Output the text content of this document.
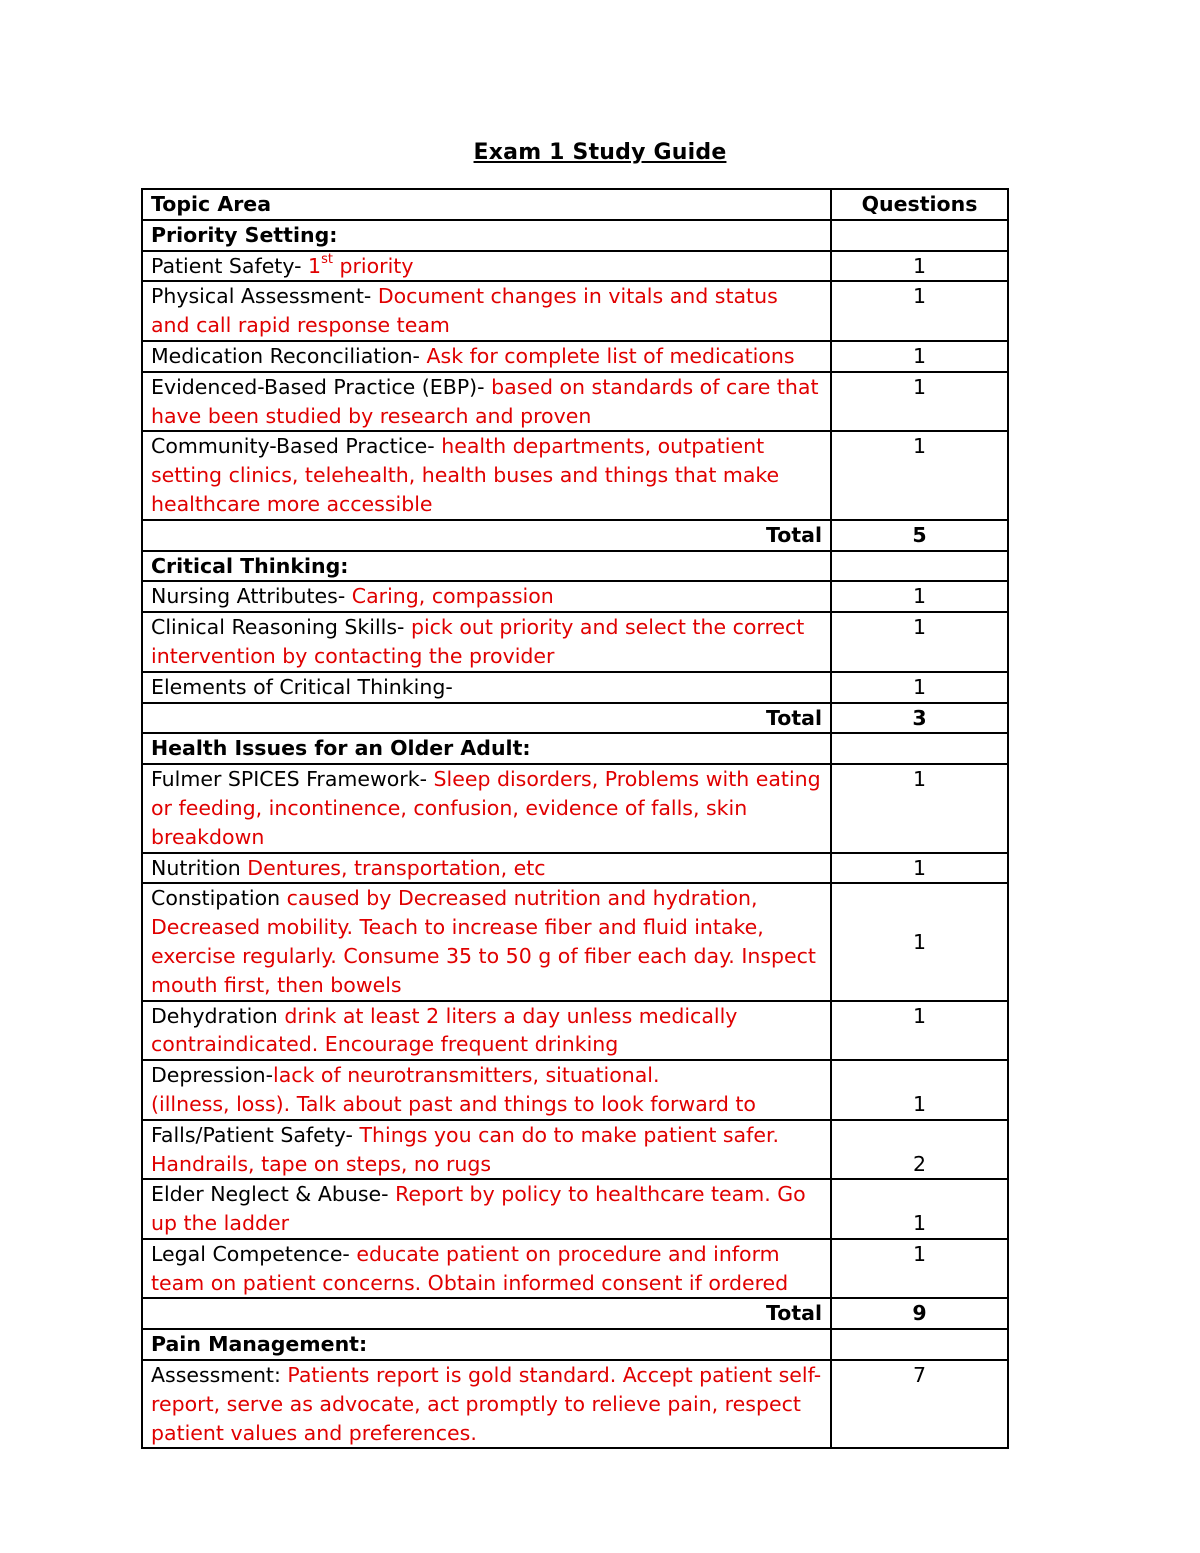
Exam 1 Study Guide
Topic Area	Questions
Priority Setting:	
Patient Safety- 1st priority	1
Physical Assessment- Document changes in vitals and status and call rapid response team	1
Medication Reconciliation- Ask for complete list of medications	1
Evidenced-Based Practice (EBP)- based on standards of care that have been studied by research and proven	1
Community-Based Practice- health departments, outpatient setting clinics, telehealth, health buses and things that make healthcare more accessible	1
Total	5
Critical Thinking:	
Nursing Attributes- Caring, compassion	1
Clinical Reasoning Skills- pick out priority and select the correct intervention by contacting the provider	1
Elements of Critical Thinking-	1
Total	3
Health Issues for an Older Adult:	
Fulmer SPICES Framework- Sleep disorders, Problems with eating or feeding, incontinence, confusion, evidence of falls, skin breakdown	1
Nutrition Dentures, transportation, etc	1
Constipation caused by Decreased nutrition and hydration, Decreased mobility. Teach to increase fiber and fluid intake, exercise regularly. Consume 35 to 50 g of fiber each day. Inspect mouth first, then bowels	1
Dehydration drink at least 2 liters a day unless medically contraindicated. Encourage frequent drinking	1
Depression-lack of neurotransmitters, situational.
(illness, loss). Talk about past and things to look forward to	1
Falls/Patient Safety- Things you can do to make patient safer. Handrails, tape on steps, no rugs	2
Elder Neglect & Abuse- Report by policy to healthcare team. Go up the ladder	1
Legal Competence- educate patient on procedure and inform team on patient concerns. Obtain informed consent if ordered	1
Total	9
Pain Management:	
Assessment: Patients report is gold standard. Accept patient self-report, serve as advocate, act promptly to relieve pain, respect patient values and preferences.	7
